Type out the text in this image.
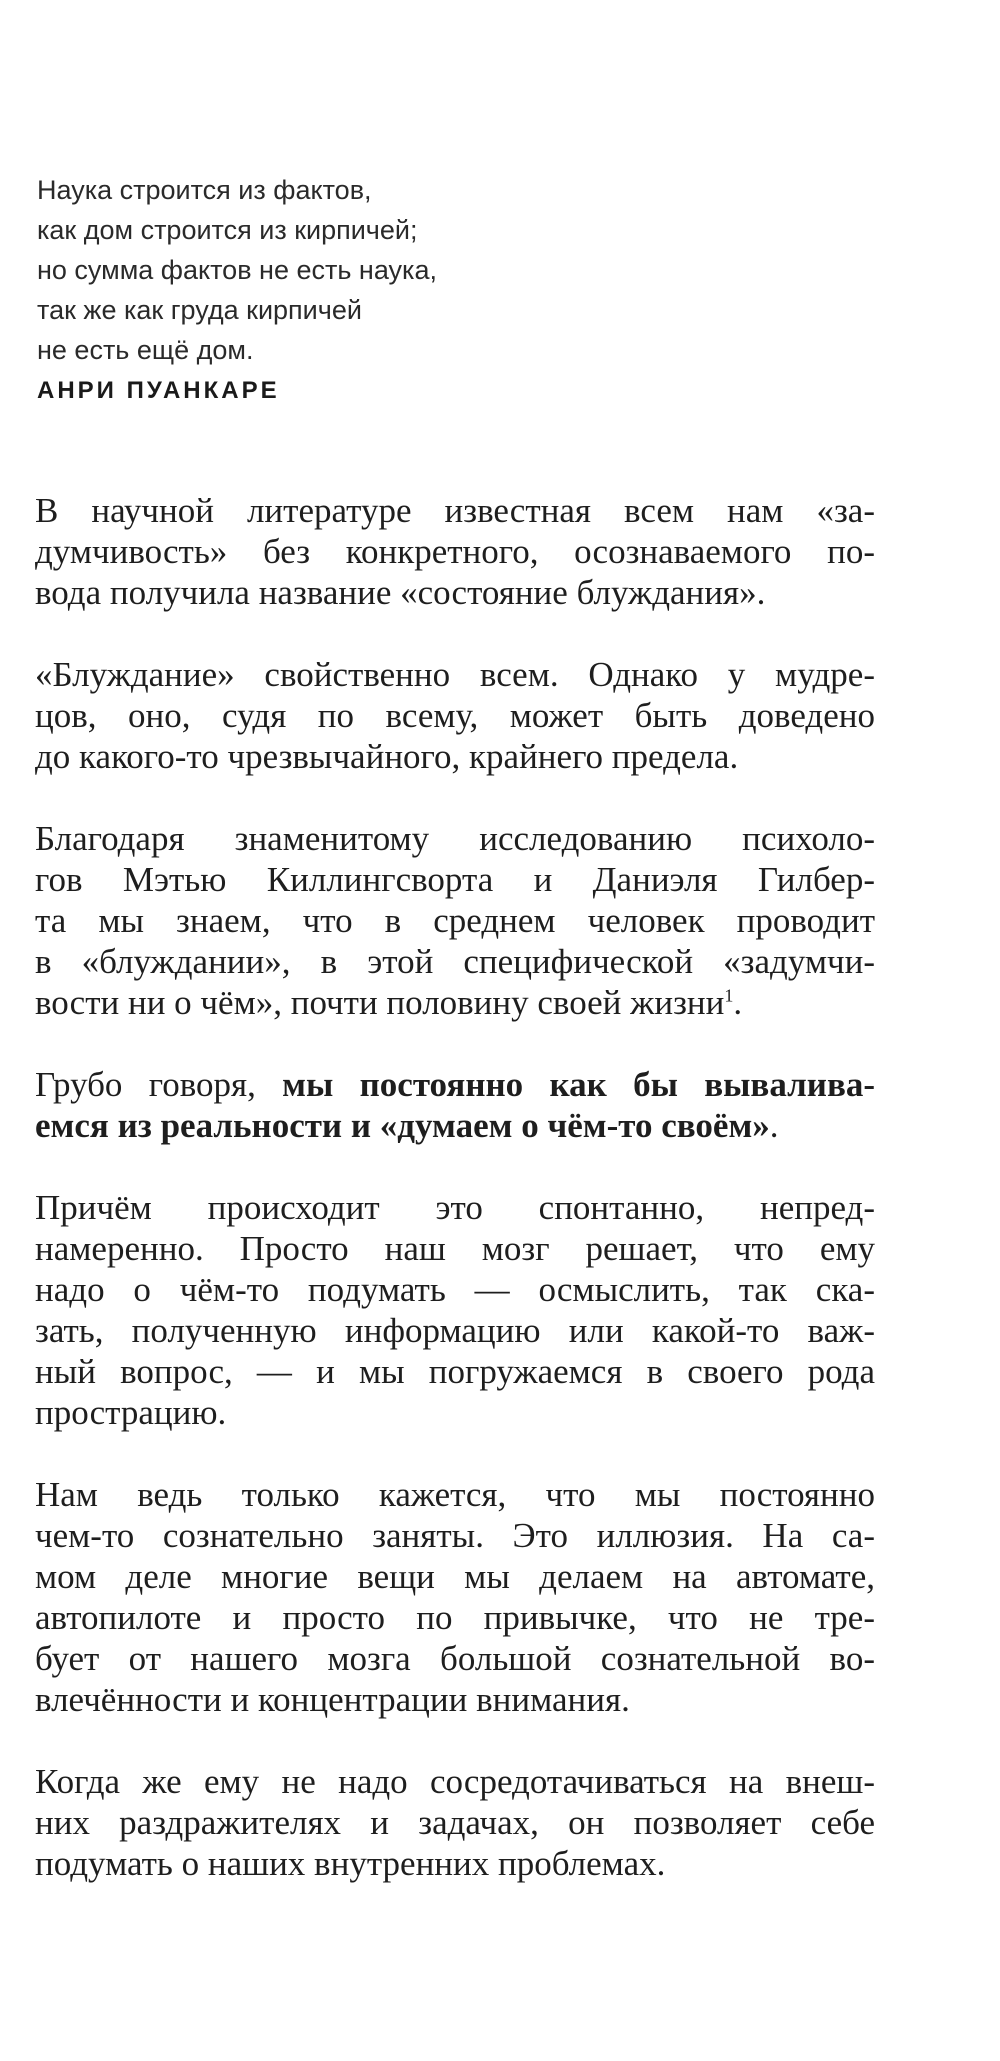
Наука строится из фактов,
как дом строится из кирпичей;
но сумма фактов не есть наука,
так же как груда кирпичей
не есть ещё дом.
АНРИ ПУАНКАРЕ
В научной литературе известная всем нам «за-
думчивость» без конкретного, осознаваемого по-
вода получила название «состояние блуждания».
«Блуждание» свойственно всем. Однако у мудре-
цов, оно, судя по всему, может быть доведено
до какого-то чрезвычайного, крайнего предела.
Благодаря знаменитому исследованию психоло-
гов Мэтью Киллингсворта и Даниэля Гилбер-
та мы знаем, что в среднем человек проводит
в «блуждании», в этой специфической «задумчи-
вости ни о чём», почти половину своей жизни$^1$.
Грубо говоря, мы постоянно как бы вывалива-
емся из реальности и «думаем о чём-то своём».
Причём происходит это спонтанно, непред-
намеренно. Просто наш мозг решает, что ему
надо о чём-то подумать — осмыслить, так ска-
зать, полученную информацию или какой-то важ-
ный вопрос, — и мы погружаемся в своего рода
прострацию.
Нам ведь только кажется, что мы постоянно
чем-то сознательно заняты. Это иллюзия. На са-
мом деле многие вещи мы делаем на автомате,
автопилоте и просто по привычке, что не тре-
бует от нашего мозга большой сознательной во-
влечённости и концентрации внимания.
Когда же ему не надо сосредотачиваться на внеш-
них раздражителях и задачах, он позволяет себе
подумать о наших внутренних проблемах.
